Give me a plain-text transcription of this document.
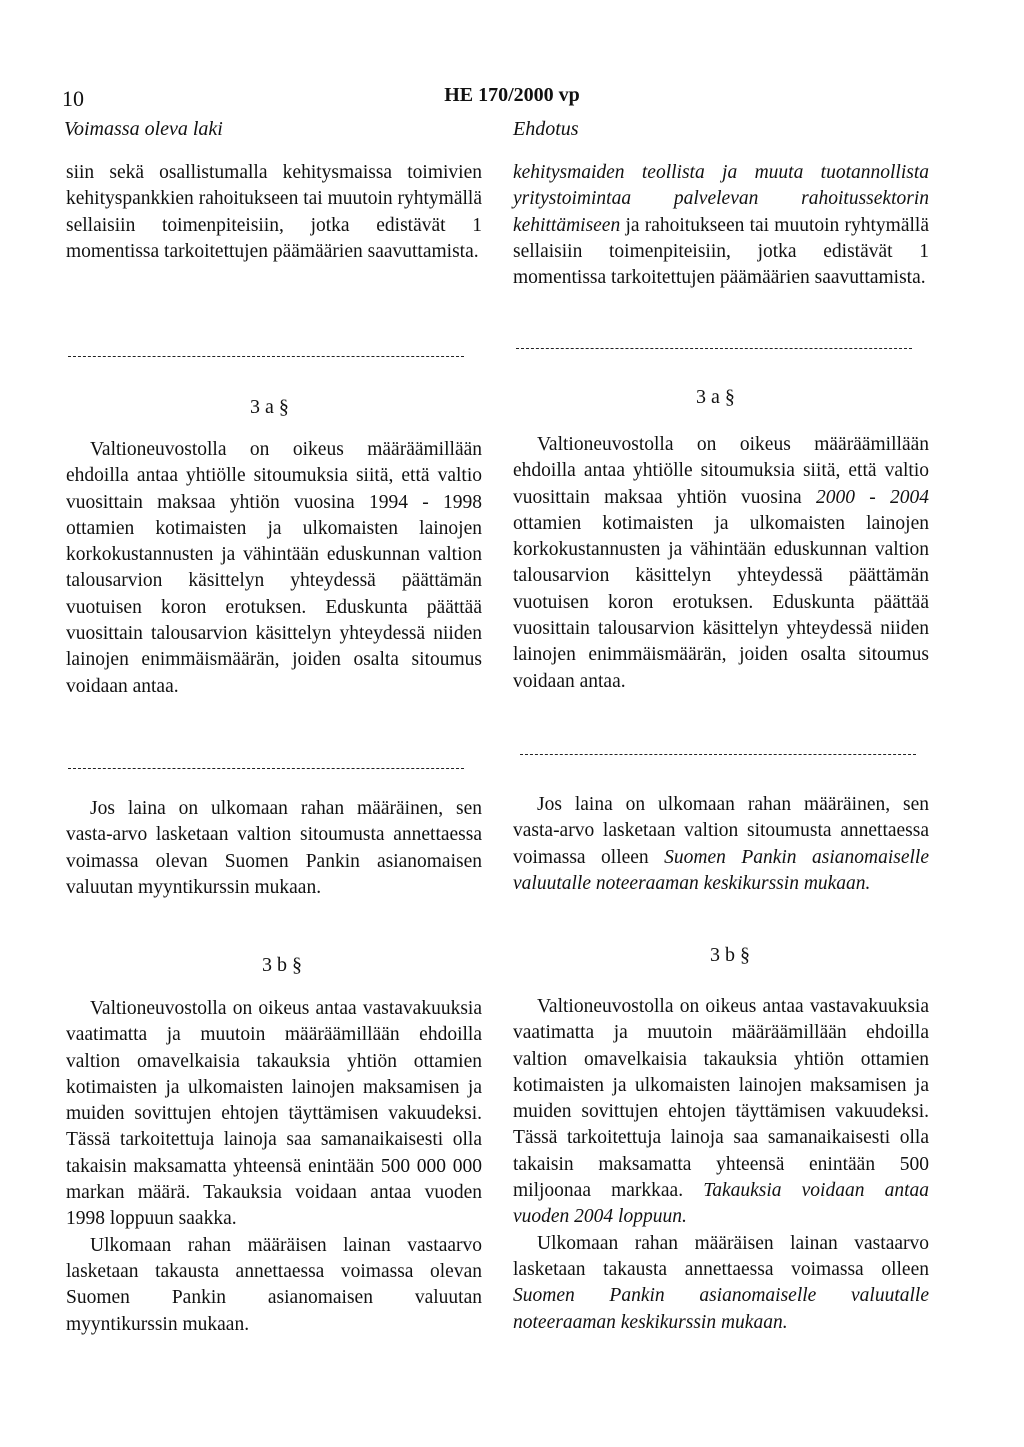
10	HE 170/2000 vp
Voimassa oleva laki	Ehdotus

siin sekä osallistumalla kehitysmaissa toimivien kehityspankkien rahoitukseen tai muutoin ryhtymällä sellaisiin toimenpiteisiin, jotka edistävät 1 momentissa tarkoitettujen päämäärien saavuttamista.

3 a §

Valtioneuvostolla on oikeus määräämillään ehdoilla antaa yhtiölle sitoumuksia siitä, että valtio vuosittain maksaa yhtiön vuosina 1994 - 1998 ottamien kotimaisten ja ulkomaisten lainojen korkokustannusten ja vähintään eduskunnan valtion talousarvion käsittelyn yhteydessä päättämän vuotuisen koron erotuksen. Eduskunta päättää vuosittain talousarvion käsittelyn yhteydessä niiden lainojen enimmäismäärän, joiden osalta sitoumus voidaan antaa.

Jos laina on ulkomaan rahan määräinen, sen vasta-arvo lasketaan valtion sitoumusta annettaessa voimassa olevan Suomen Pankin asianomaisen valuutan myyntikurssin mukaan.

3 b §

Valtioneuvostolla on oikeus antaa vastavakuuksia vaatimatta ja muutoin määräämillään ehdoilla valtion omavelkaisia takauksia yhtiön ottamien kotimaisten ja ulkomaisten lainojen maksamisen ja muiden sovittujen ehtojen täyttämisen vakuudeksi. Tässä tarkoitettuja lainoja saa samanaikaisesti olla takaisin maksamatta yhteensä enintään 500 000 000 markan määrä. Takauksia voidaan antaa vuoden 1998 loppuun saakka.

Ulkomaan rahan määräisen lainan vastaarvo lasketaan takausta annettaessa voimassa olevan Suomen Pankin asianomaisen valuutan myyntikurssin mukaan.

kehitysmaiden teollista ja muuta tuotannollista yritystoimintaa palvelevan rahoitussektorin kehittämiseen ja rahoitukseen tai muutoin ryhtymällä sellaisiin toimenpiteisiin, jotka edistävät 1 momentissa tarkoitettujen päämäärien saavuttamista.

3 a §

Valtioneuvostolla on oikeus määräämillään ehdoilla antaa yhtiölle sitoumuksia siitä, että valtio vuosittain maksaa yhtiön vuosina 2000 - 2004 ottamien kotimaisten ja ulkomaisten lainojen korkokustannusten ja vähintään eduskunnan valtion talousarvion käsittelyn yhteydessä päättämän vuotuisen koron erotuksen. Eduskunta päättää vuosittain talousarvion käsittelyn yhteydessä niiden lainojen enimmäismäärän, joiden osalta sitoumus voidaan antaa.

Jos laina on ulkomaan rahan määräinen, sen vasta-arvo lasketaan valtion sitoumusta annettaessa voimassa olleen Suomen Pankin asianomaiselle valuutalle noteeraaman keskikurssin mukaan.

3 b §

Valtioneuvostolla on oikeus antaa vastavakuuksia vaatimatta ja muutoin määräämillään ehdoilla valtion omavelkaisia takauksia yhtiön ottamien kotimaisten ja ulkomaisten lainojen maksamisen ja muiden sovittujen ehtojen täyttämisen vakuudeksi. Tässä tarkoitettuja lainoja saa samanaikaisesti olla takaisin maksamatta yhteensä enintään 500 miljoonaa markkaa. Takauksia voidaan antaa vuoden 2004 loppuun.

Ulkomaan rahan määräisen lainan vastaarvo lasketaan takausta annettaessa voimassa olleen Suomen Pankin asianomaiselle valuutalle noteeraaman keskikurssin mukaan.
